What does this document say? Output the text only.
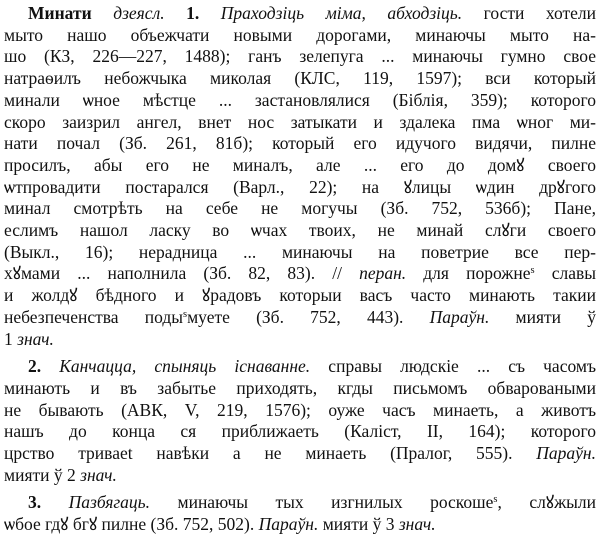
Минати дзеясл. 1. Праходзіць міма, абходзіць. гости хотели
мыто нашо объежчати новыми дорогами, минаючы мыто на-
шо (КЗ, 226—227, 1488); ганъ зелепуга ... минаючы гумно свое
натраѳилъ небожчыка миколая (КЛС, 119, 1597); вси который
минали ѡное мѣстце ... застановлялися (Біблія, 359); которого
скоро заизрил ангел, внет нос затыкати и здалека пма ѡног ми-
нати почал (Зб. 261, 81б); который его идучого видячи, пилне
просилъ, абы его не миналъ, але ... его до домꙋ своего
ѡтпровадити постарался (Варл., 22); на ꙋлицы ѡдин дрꙋгого
минал смотрѣть на себе не могучы (Зб. 752, 536б); Пане,
еслимъ нашол ласку во ѡчах твоих, не минай слꙋги своего
(Выкл., 16); нерадница ... минаючы на поветрие все пер-
хꙋмами ... наполнила (Зб. 82, 83). // перан. для порожне$^s$ славы
и жолдꙋ бѣдного и ꙋрадовъ которыи васъ часто минають такии
небезпеченства поды$^s$муете (Зб. 752, 443). Параўн. мияти ў
1 знач.

2. Канчацца, спыняць існаванне. справы людскіе ... съ часомъ
минають и въ забытье приходять, кгды письмомъ обвароваными
не бывають (АВК, V, 219, 1576); оуже часъ минаеть, а животъ
нашъ до конца ся приближаеть (Каліст, II, 164); которого
црство триваеt навѣки а не минаеть (Пралог, 555). Параўн.
мияти ў 2 знач.

3. Пазбягаць. минаючы тых изгнилых роскоше$^s$, слꙋжыли
ѡбое гдꙋ бгꙋ пилне (Зб. 752, 502). Параўн. мияти ў 3 знач.
